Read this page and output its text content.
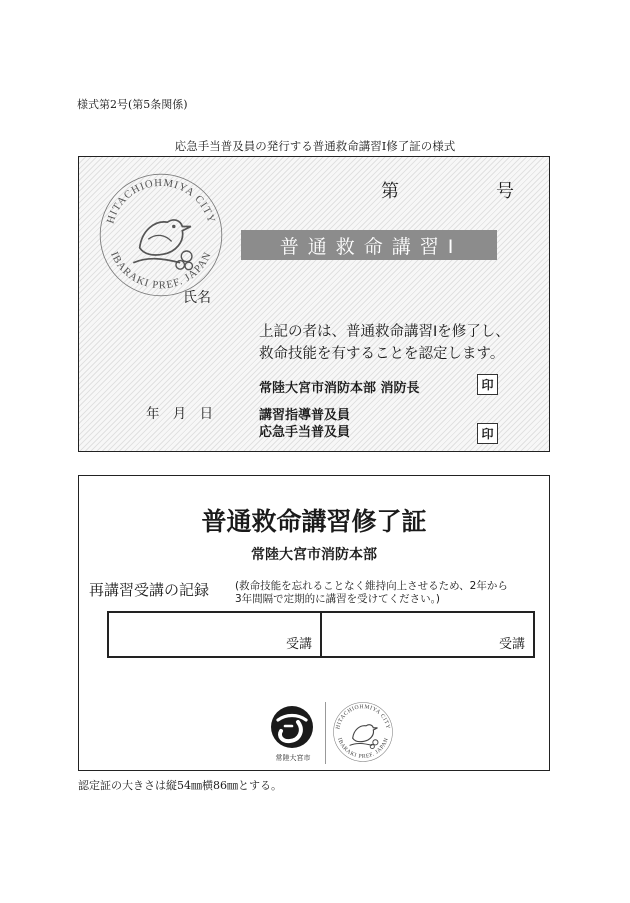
様式第2号(第5条関係)
応急手当普及員の発行する普通救命講習Ⅰ修了証の様式
HITACHIOHMIYA CITY
IBARAKI PREF. JAPAN
第	号
普通救命講習Ⅰ
氏名
上記の者は、普通救命講習Ⅰを修了し、
救命技能を有することを認定します。
常陸大宮市消防本部 消防長	印
年 月 日	講習指導普及員
応急手当普及員	印
普通救命講習修了証
常陸大宮市消防本部
再講習受講の記録 (救命技能を忘れることなく維持向上させるため、2年から
3年間隔で定期的に講習を受けてください。)
受講	受講
常陸大宮市
HITACHIOHMIYA CITY
IBARAKI PREF. JAPAN
認定証の大きさは縦54㎜横86㎜とする。
